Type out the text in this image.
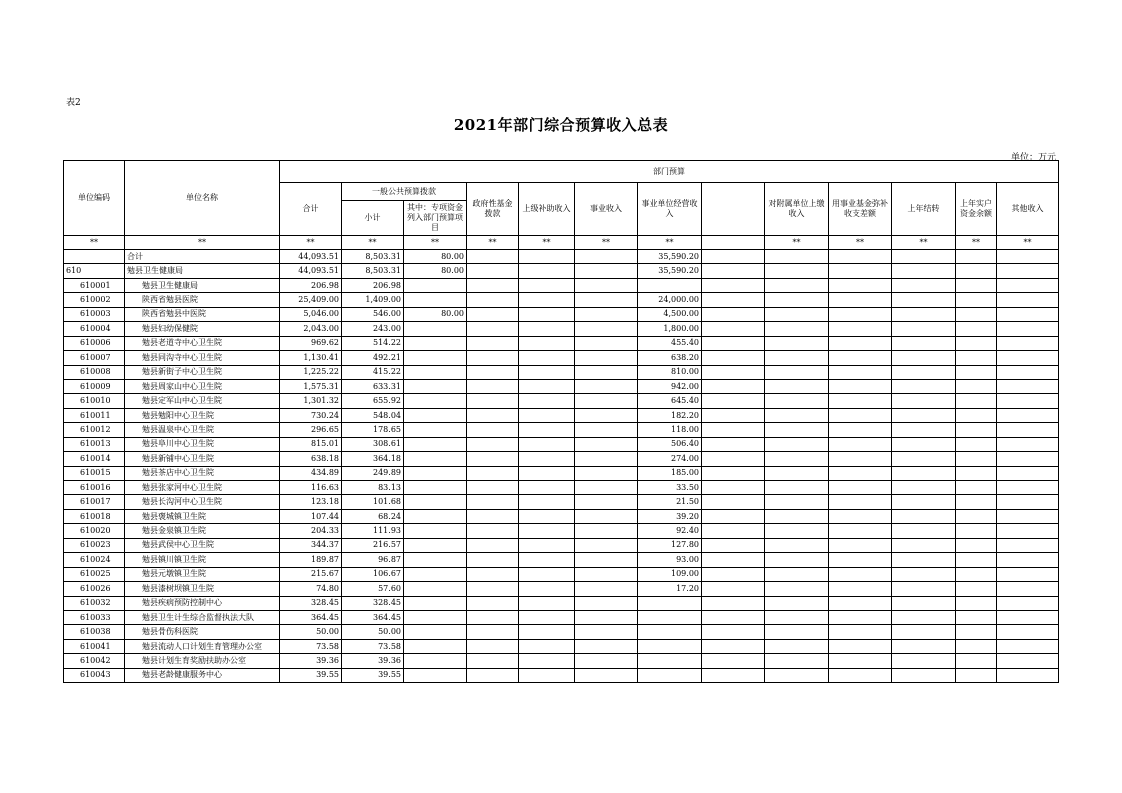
表2
2021年部门综合预算收入总表
单位：万元
单位编码	单位名称	部门预算												
		合计	一般公共预算拨款		政府性基金拨款	上级补助收入	事业收入	事业单位经营收入		对附属单位上缴收入	用事业基金弥补收支差额	上年结转	上年实户资金余额	其他收入
			小计	其中：专项资金列入部门预算项目										
**	**	**	**	**	**	**	**	**		**	**	**	**	**
	合计	44,093.51	8,503.31	80.00				35,590.20						
610	勉县卫生健康局	44,093.51	8,503.31	80.00				35,590.20						
610001	勉县卫生健康局	206.98	206.98											
610002	陕西省勉县医院	25,409.00	1,409.00					24,000.00						
610003	陕西省勉县中医院	5,046.00	546.00	80.00				4,500.00						
610004	勉县妇幼保健院	2,043.00	243.00					1,800.00						
610006	勉县老道寺中心卫生院	969.62	514.22					455.40						
610007	勉县同沟寺中心卫生院	1,130.41	492.21					638.20						
610008	勉县新街子中心卫生院	1,225.22	415.22					810.00						
610009	勉县周家山中心卫生院	1,575.31	633.31					942.00						
610010	勉县定军山中心卫生院	1,301.32	655.92					645.40						
610011	勉县勉阳中心卫生院	730.24	548.04					182.20						
610012	勉县温泉中心卫生院	296.65	178.65					118.00						
610013	勉县阜川中心卫生院	815.01	308.61					506.40						
610014	勉县新铺中心卫生院	638.18	364.18					274.00						
610015	勉县茶店中心卫生院	434.89	249.89					185.00						
610016	勉县张家河中心卫生院	116.63	83.13					33.50						
610017	勉县长沟河中心卫生院	123.18	101.68					21.50						
610018	勉县褒城镇卫生院	107.44	68.24					39.20						
610020	勉县金泉镇卫生院	204.33	111.93					92.40						
610023	勉县武侯中心卫生院	344.37	216.57					127.80						
610024	勉县镇川镇卫生院	189.87	96.87					93.00						
610025	勉县元墩镇卫生院	215.67	106.67					109.00						
610026	勉县漆树坝镇卫生院	74.80	57.60					17.20						
610032	勉县疾病预防控制中心	328.45	328.45											
610033	勉县卫生计生综合监督执法大队	364.45	364.45											
610038	勉县骨伤科医院	50.00	50.00											
610041	勉县流动人口计划生育管理办公室	73.58	73.58											
610042	勉县计划生育奖励扶助办公室	39.36	39.36											
610043	勉县老龄健康服务中心	39.55	39.55											
